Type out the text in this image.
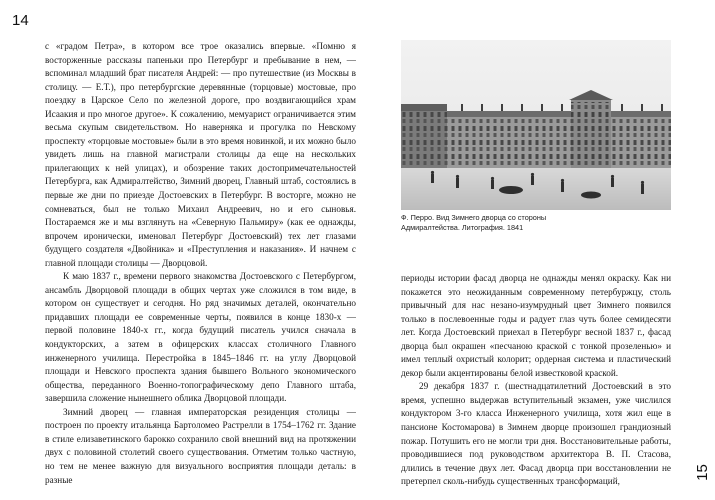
14
15

с «градом Петра», в котором все трое оказались впервые. «Помню я восторженные рассказы папеньки про Петербург и пребывание в нем, — вспоминал младший брат писателя Андрей: — про путешествие (из Москвы в столицу. — Е.Т.), про петербургские деревянные (торцовые) мостовые, про поездку в Царское Село по железной дороге, про воздвигающийся храм Исаакия и про многое другое». К сожалению, мемуарист ограничивается этим весьма скупым свидетельством. Но наверняка и прогулка по Невскому проспекту «торцовые мостовые» были в это время новинкой, и их можно было увидеть лишь на главной магистрали столицы да еще на нескольких прилегающих к ней улицах), и обозрение таких достопримечательностей Петербурга, как Адмиралтейство, Зимний дворец, Главный штаб, состоялись в первые же дни по приезде Достоевских в Петербург. В восторге, можно не сомневаться, был не только Михаил Андреевич, но и его сыновья. Постараемся же и мы взглянуть на «Северную Пальмиру» (как ее однажды, впрочем иронически, именовал Петербург Достоевский) тех лет глазами будущего создателя «Двойника» и «Преступления и наказания». И начнем с главной площади столицы — Дворцовой.

К маю 1837 г., времени первого знакомства Достоевского с Петербургом, ансамбль Дворцовой площади в общих чертах уже сложился в том виде, в котором он существует и сегодня. Но ряд значимых деталей, окончательно придавших площади ее современные черты, появился в конце 1830-х — первой половине 1840-х гг., когда будущий писатель учился сначала в кондукторских, а затем в офицерских классах столичного Главного инженерного училища. Перестройка в 1845–1846 гг. на углу Дворцовой площади и Невского проспекта здания бывшего Вольного экономического общества, переданного Военно-топографическому депо Главного штаба, завершила сложение нынешнего облика Дворцовой площади.

Зимний дворец — главная императорская резиденция столицы — построен по проекту итальянца Бартоломео Растрелли в 1754–1762 гг. Здание в стиле елизаветинского барокко сохранило свой внешний вид на протяжении двух с половиной столетий своего существования. Отметим только частную, но тем не менее важную для визуального восприятия площади деталь: в разные

Ф. Перро. Вид Зимнего дворца со стороны
Адмиралтейства. Литография. 1841

периоды истории фасад дворца не однажды менял окраску. Как ни покажется это неожиданным современному петербуржцу, столь привычный для нас незано-изумрудный цвет Зимнего появился только в послевоенные годы и радует глаз чуть более семидесяти лет. Когда Достоевский приехал в Петербург весной 1837 г., фасад дворца был окрашен «песчаною краской с тонкой прозеленью» и имел теплый охристый колорит; ордерная система и пластический декор были акцентированы белой известковой краской.

29 декабря 1837 г. (шестнадцатилетний Достоевский в это время, успешно выдержав вступительный экзамен, уже числился кондуктором 3-го класса Инженерного училища, хотя жил еще в пансионе Костомарова) в Зимнем дворце произошел грандиозный пожар. Потушить его не могли три дня. Восстановительные работы, проводившиеся под руководством архитектора В. П. Стасова, длились в течение двух лет. Фасад дворца при восстановлении не претерпел сколь-нибудь существенных трансформаций,
